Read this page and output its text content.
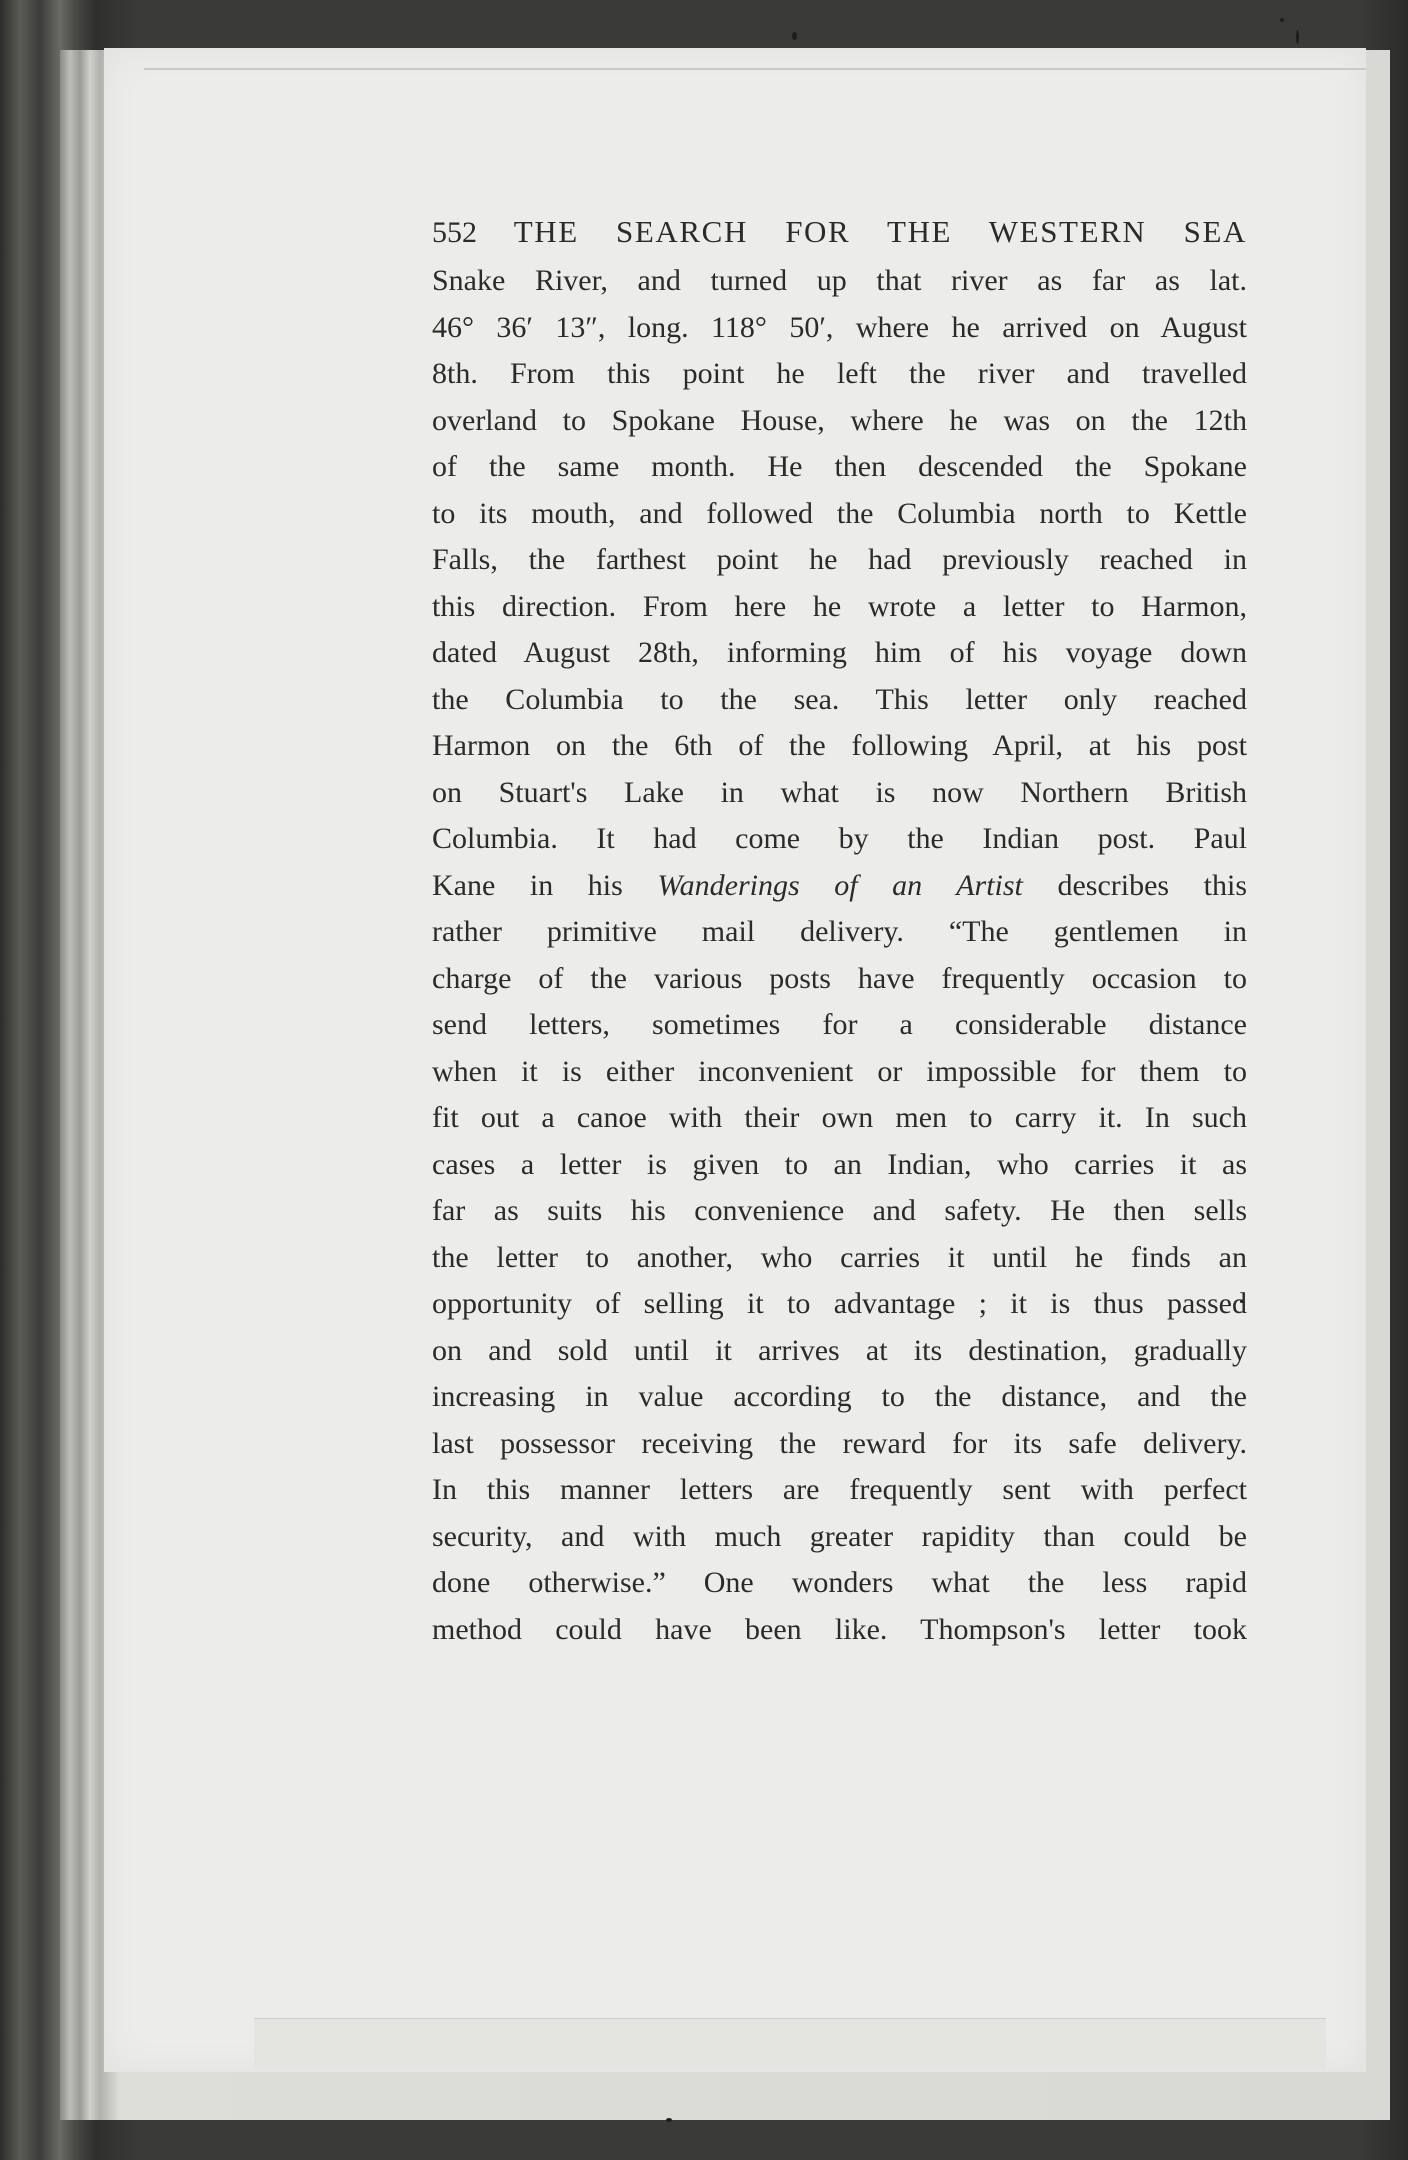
552 THE SEARCH FOR THE WESTERN SEA
Snake River, and turned up that river as far as lat.
46° 36′ 13″, long. 118° 50′, where he arrived on August
8th. From this point he left the river and travelled
overland to Spokane House, where he was on the 12th
of the same month. He then descended the Spokane
to its mouth, and followed the Columbia north to Kettle
Falls, the farthest point he had previously reached in
this direction. From here he wrote a letter to Harmon,
dated August 28th, informing him of his voyage down
the Columbia to the sea. This letter only reached
Harmon on the 6th of the following April, at his post
on Stuart's Lake in what is now Northern British
Columbia. It had come by the Indian post. Paul
Kane in his Wanderings of an Artist describes this
rather primitive mail delivery. “The gentlemen in
charge of the various posts have frequently occasion to
send letters, sometimes for a considerable distance
when it is either inconvenient or impossible for them to
fit out a canoe with their own men to carry it. In such
cases a letter is given to an Indian, who carries it as
far as suits his convenience and safety. He then sells
the letter to another, who carries it until he finds an
opportunity of selling it to advantage ; it is thus passed
on and sold until it arrives at its destination, gradually
increasing in value according to the distance, and the
last possessor receiving the reward for its safe delivery.
In this manner letters are frequently sent with perfect
security, and with much greater rapidity than could be
done otherwise.” One wonders what the less rapid
method could have been like. Thompson's letter took
